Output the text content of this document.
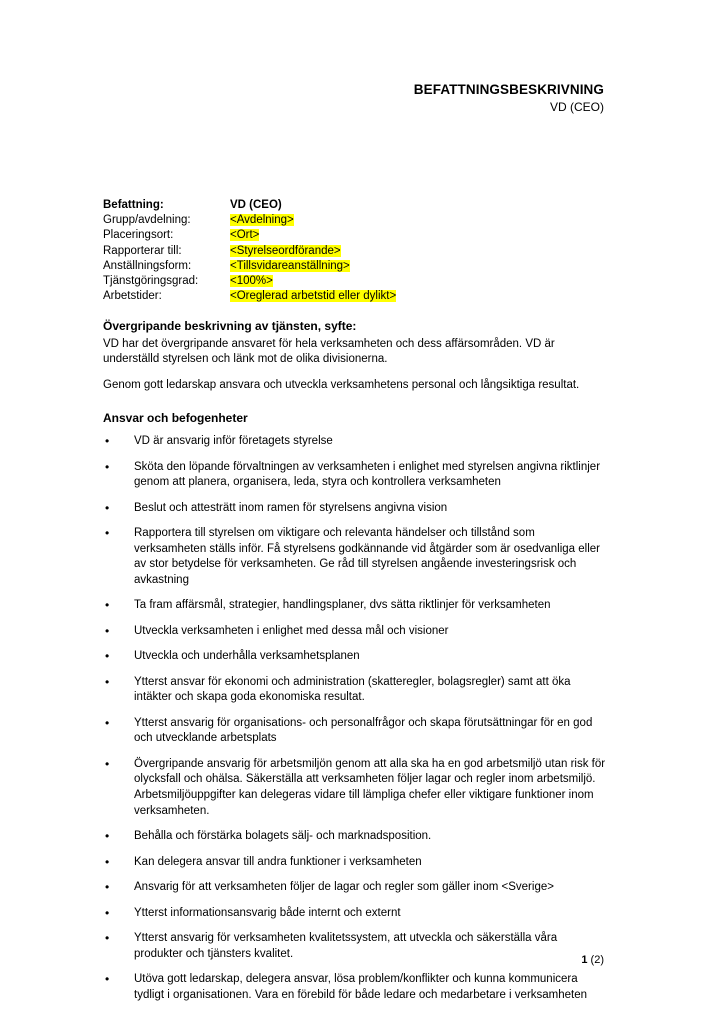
BEFATTNINGSBESKRIVNING
VD (CEO)
Befattning:	VD (CEO)
Grupp/avdelning:	<Avdelning>
Placeringsort:	<Ort>
Rapporterar till:	<Styrelseordförande>
Anställningsform:	<Tillsvidareanställning>
Tjänstgöringsgrad:	<100%>
Arbetstider:	<Oreglerad arbetstid eller dylikt>
Övergripande beskrivning av tjänsten, syfte:

VD har det övergripande ansvaret för hela verksamheten och dess affärsområden. VD är underställd styrelsen och länk mot de olika divisionerna.

Genom gott ledarskap ansvara och utveckla verksamhetens personal och långsiktiga resultat.

Ansvar och befogenheter
• VD är ansvarig inför företagets styrelse
• Sköta den löpande förvaltningen av verksamheten i enlighet med styrelsen angivna riktlinjer genom att planera, organisera, leda, styra och kontrollera verksamheten
• Beslut och attesträtt inom ramen för styrelsens angivna vision
• Rapportera till styrelsen om viktigare och relevanta händelser och tillstånd som verksamheten ställs inför. Få styrelsens godkännande vid åtgärder som är osedvanliga eller av stor betydelse för verksamheten. Ge råd till styrelsen angående investeringsrisk och avkastning
• Ta fram affärsmål, strategier, handlingsplaner, dvs sätta riktlinjer för verksamheten
• Utveckla verksamheten i enlighet med dessa mål och visioner
• Utveckla och underhålla verksamhetsplanen
• Ytterst ansvar för ekonomi och administration (skatteregler, bolagsregler) samt att öka intäkter och skapa goda ekonomiska resultat.
• Ytterst ansvarig för organisations- och personalfrågor och skapa förutsättningar för en god och utvecklande arbetsplats
• Övergripande ansvarig för arbetsmiljön genom att alla ska ha en god arbetsmiljö utan risk för olycksfall och ohälsa. Säkerställa att verksamheten följer lagar och regler inom arbetsmiljö. Arbetsmiljöuppgifter kan delegeras vidare till lämpliga chefer eller viktigare funktioner inom verksamheten.
• Behålla och förstärka bolagets sälj- och marknadsposition.
• Kan delegera ansvar till andra funktioner i verksamheten
• Ansvarig för att verksamheten följer de lagar och regler som gäller inom <Sverige>
• Ytterst informationsansvarig både internt och externt
• Ytterst ansvarig för verksamheten kvalitetssystem, att utveckla och säkerställa våra produkter och tjänsters kvalitet.
• Utöva gott ledarskap, delegera ansvar, lösa problem/konflikter och kunna kommunicera tydligt i organisationen. Vara en förebild för både ledare och medarbetare i verksamheten
1 (2)
